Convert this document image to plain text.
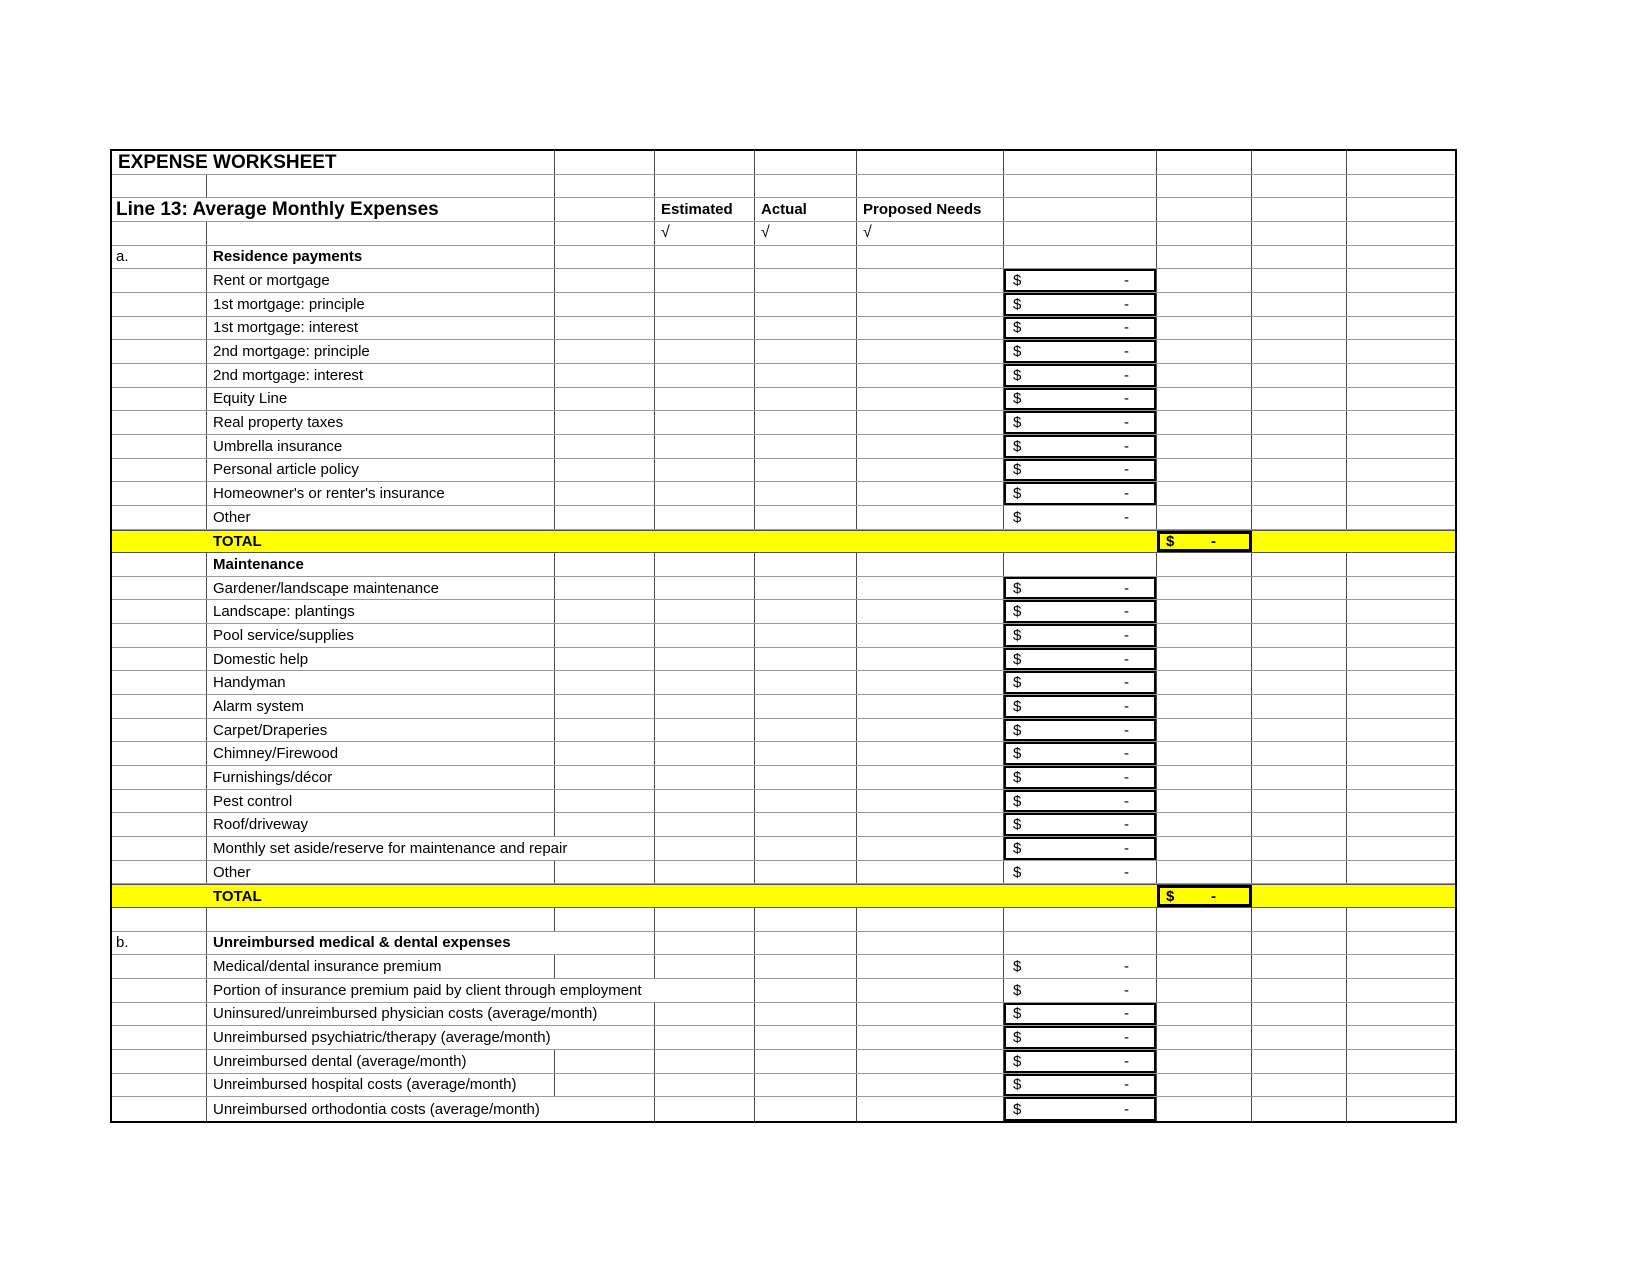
EXPENSE WORKSHEET
Line 13: Average Monthly Expenses	Estimated	Actual	Proposed Needs
√	√	√
a.	Residence payments
Rent or mortgage	$	-
1st mortgage: principle	$	-
1st mortgage: interest	$	-
2nd mortgage: principle	$	-
2nd mortgage: interest	$	-
Equity Line	$	-
Real property taxes	$	-
Umbrella insurance	$	-
Personal article policy	$	-
Homeowner's or renter's insurance	$	-
Other	$	-
TOTAL	$ -
Maintenance
Gardener/landscape maintenance	$	-
Landscape: plantings	$	-
Pool service/supplies	$	-
Domestic help	$	-
Handyman	$	-
Alarm system	$	-
Carpet/Draperies	$	-
Chimney/Firewood	$	-
Furnishings/décor	$	-
Pest control	$	-
Roof/driveway	$	-
Monthly set aside/reserve for maintenance and repair	$	-
Other	$	-
TOTAL	$ -
b.	Unreimbursed medical & dental expenses
Medical/dental insurance premium	$	-
Portion of insurance premium paid by client through employment	$	-
Uninsured/unreimbursed physician costs (average/month)	$	-
Unreimbursed psychiatric/therapy (average/month)	$	-
Unreimbursed dental (average/month)	$	-
Unreimbursed hospital costs (average/month)	$	-
Unreimbursed orthodontia costs (average/month)	$	-
